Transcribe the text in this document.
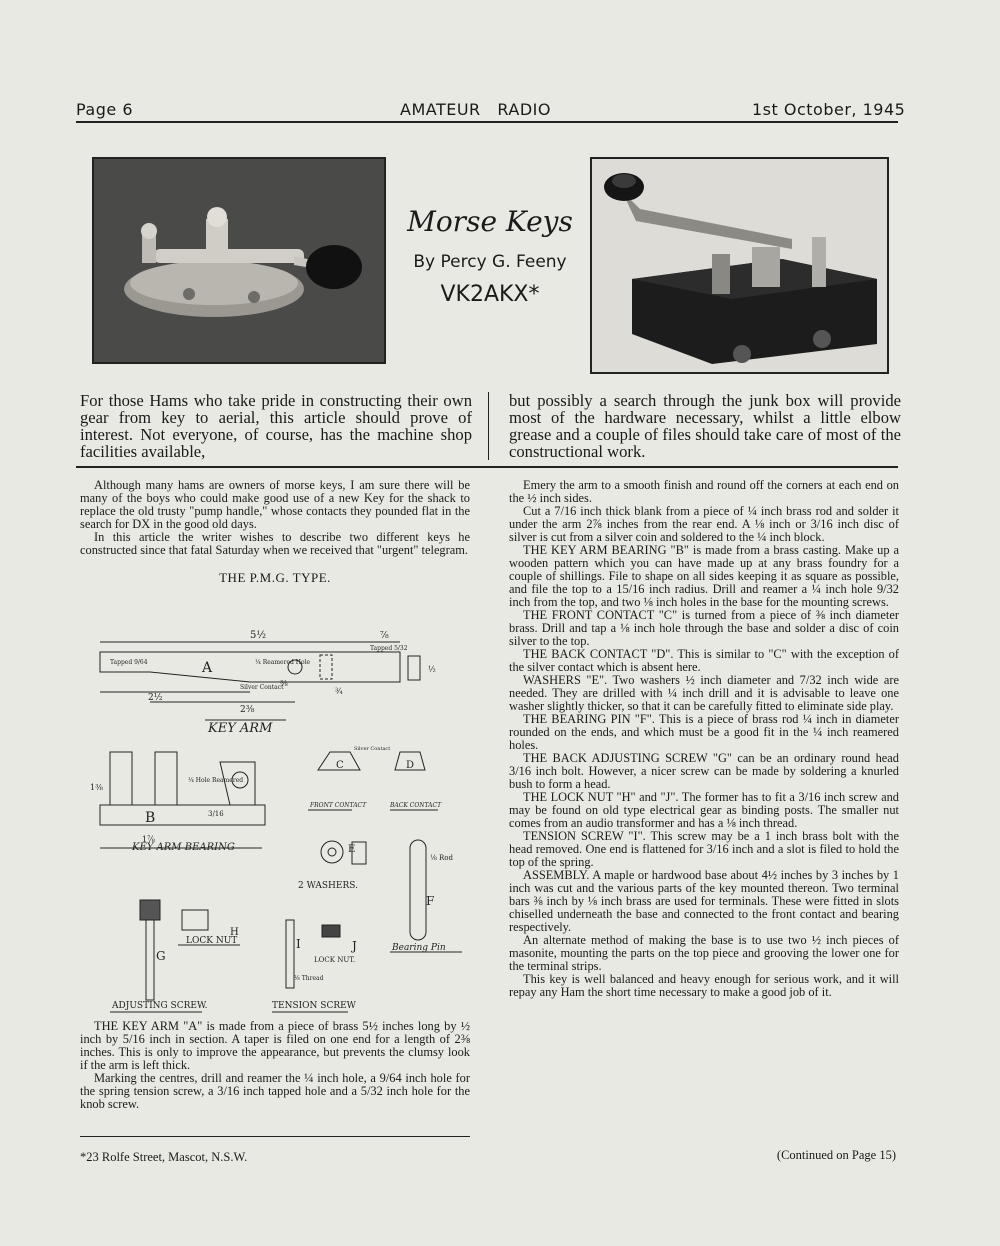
Page 6	AMATEUR   RADIO	1st October, 1945
Morse Keys
By Percy G. Feeny
VK2AKX*

For those Hams who take pride in constructing their own gear from key to aerial, this article should prove of interest. Not everyone, of course, has the machine shop facilities available,

but possibly a search through the junk box will provide most of the hardware necessary, whilst a little elbow grease and a couple of files should take care of most of the constructional work.

Although many hams are owners of morse keys, I am sure there will be many of the boys who could make good use of a new Key for the shack to replace the old trusty "pump handle," whose contacts they pounded flat in the search for DX in the good old days.

In this article the writer wishes to describe two different keys he constructed since that fatal Saturday when we received that "urgent" telegram.

THE P.M.G. TYPE.

⅞
5½
Tapped 9/64	A	¼ Reamered Hole
Silver Contact
Tapped 5/32
2½
2⅜
⅜
¾
½
KEY ARM
¼ Hole Reamered
B
1⅜
1⅞
3/16
KEY ARM BEARING
C	D
Silver Contact
FRONT CONTACT	BACK CONTACT
E
2 WASHERS.
F
⅛ Rod
Bearing Pin
G
H
LOCK NUT	I	J
LOCK NUT.
⅛ Thread
ADJUSTING SCREW.	TENSION SCREW

THE KEY ARM "A" is made from a piece of brass 5½ inches long by ½ inch by 5/16 inch in section. A taper is filed on one end for a length of 2⅜ inches. This is only to improve the appearance, but prevents the clumsy look if the arm is left thick.

Marking the centres, drill and reamer the ¼ inch hole, a 9/64 inch hole for the spring tension screw, a 3/16 inch tapped hole and a 5/32 inch hole for the knob screw.

*23 Rolfe Street, Mascot, N.S.W.

Emery the arm to a smooth finish and round off the corners at each end on the ½ inch sides.

Cut a 7/16 inch thick blank from a piece of ¼ inch brass rod and solder it under the arm 2⅞ inches from the rear end. A ⅛ inch or 3/16 inch disc of silver is cut from a silver coin and soldered to the ¼ inch block.

THE KEY ARM BEARING "B" is made from a brass casting. Make up a wooden pattern which you can have made up at any brass foundry for a couple of shillings. File to shape on all sides keeping it as square as possible, and file the top to a 15/16 inch radius. Drill and reamer a ¼ inch hole 9/32 inch from the top, and two ⅛ inch holes in the base for the mounting screws.

THE FRONT CONTACT "C" is turned from a piece of ⅜ inch diameter brass. Drill and tap a ⅛ inch hole through the base and solder a disc of coin silver to the top.

THE BACK CONTACT "D". This is similar to "C" with the exception of the silver contact which is absent here.

WASHERS "E". Two washers ½ inch diameter and 7/32 inch wide are needed. They are drilled with ¼ inch drill and it is advisable to leave one washer slightly thicker, so that it can be carefully fitted to eliminate side play.

THE BEARING PIN "F". This is a piece of brass rod ¼ inch in diameter rounded on the ends, and which must be a good fit in the ¼ inch reamered holes.

THE BACK ADJUSTING SCREW "G" can be an ordinary round head 3/16 inch bolt. However, a nicer screw can be made by soldering a knurled bush to form a head.

THE LOCK NUT "H" and "J". The former has to fit a 3/16 inch screw and may be found on old type electrical gear as binding posts. The smaller nut comes from an audio transformer and has a ⅛ inch thread.

TENSION SCREW "I". This screw may be a 1 inch brass bolt with the head removed. One end is flattened for 3/16 inch and a slot is filed to hold the top of the spring.

ASSEMBLY. A maple or hardwood base about 4½ inches by 3 inches by 1 inch was cut and the various parts of the key mounted thereon. Two terminal bars ⅜ inch by ⅛ inch brass are used for terminals. These were fitted in slots chiselled underneath the base and connected to the front contact and bearing respectively.

An alternate method of making the base is to use two ½ inch pieces of masonite, mounting the parts on the top piece and grooving the lower one for the terminal strips.

This key is well balanced and heavy enough for serious work, and it will repay any Ham the short time necessary to make a good job of it.

(Continued on Page 15)
